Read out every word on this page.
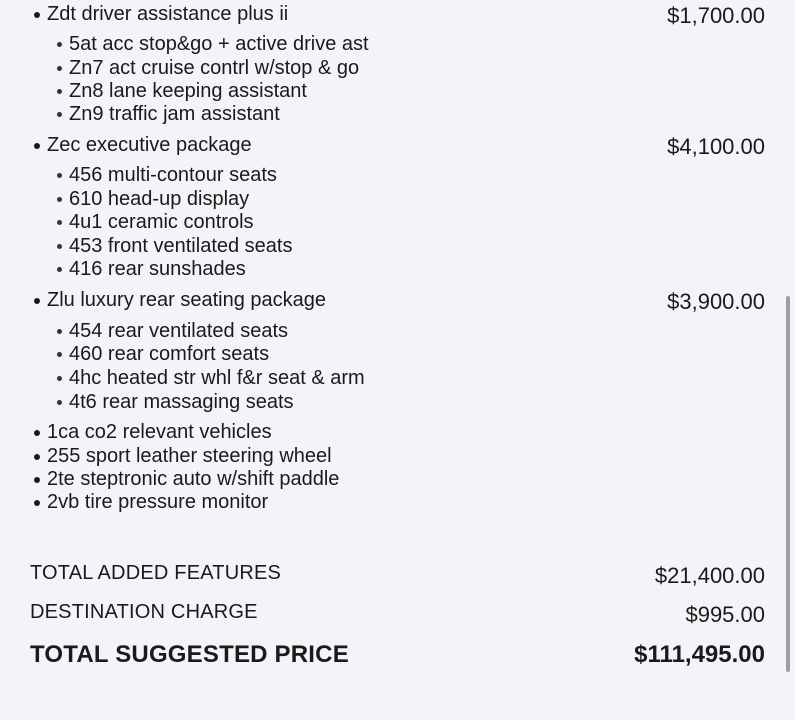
Zdt driver assistance plus ii	$1,700.00
5at acc stop&go + active drive ast
Zn7 act cruise contrl w/stop & go
Zn8 lane keeping assistant
Zn9 traffic jam assistant
Zec executive package	$4,100.00
456 multi-contour seats
610 head-up display
4u1 ceramic controls
453 front ventilated seats
416 rear sunshades
Zlu luxury rear seating package	$3,900.00
454 rear ventilated seats
460 rear comfort seats
4hc heated str whl f&r seat & arm
4t6 rear massaging seats
1ca co2 relevant vehicles
255 sport leather steering wheel
2te steptronic auto w/shift paddle
2vb tire pressure monitor
TOTAL ADDED FEATURES	$21,400.00
DESTINATION CHARGE	$995.00
TOTAL SUGGESTED PRICE	$111,495.00
